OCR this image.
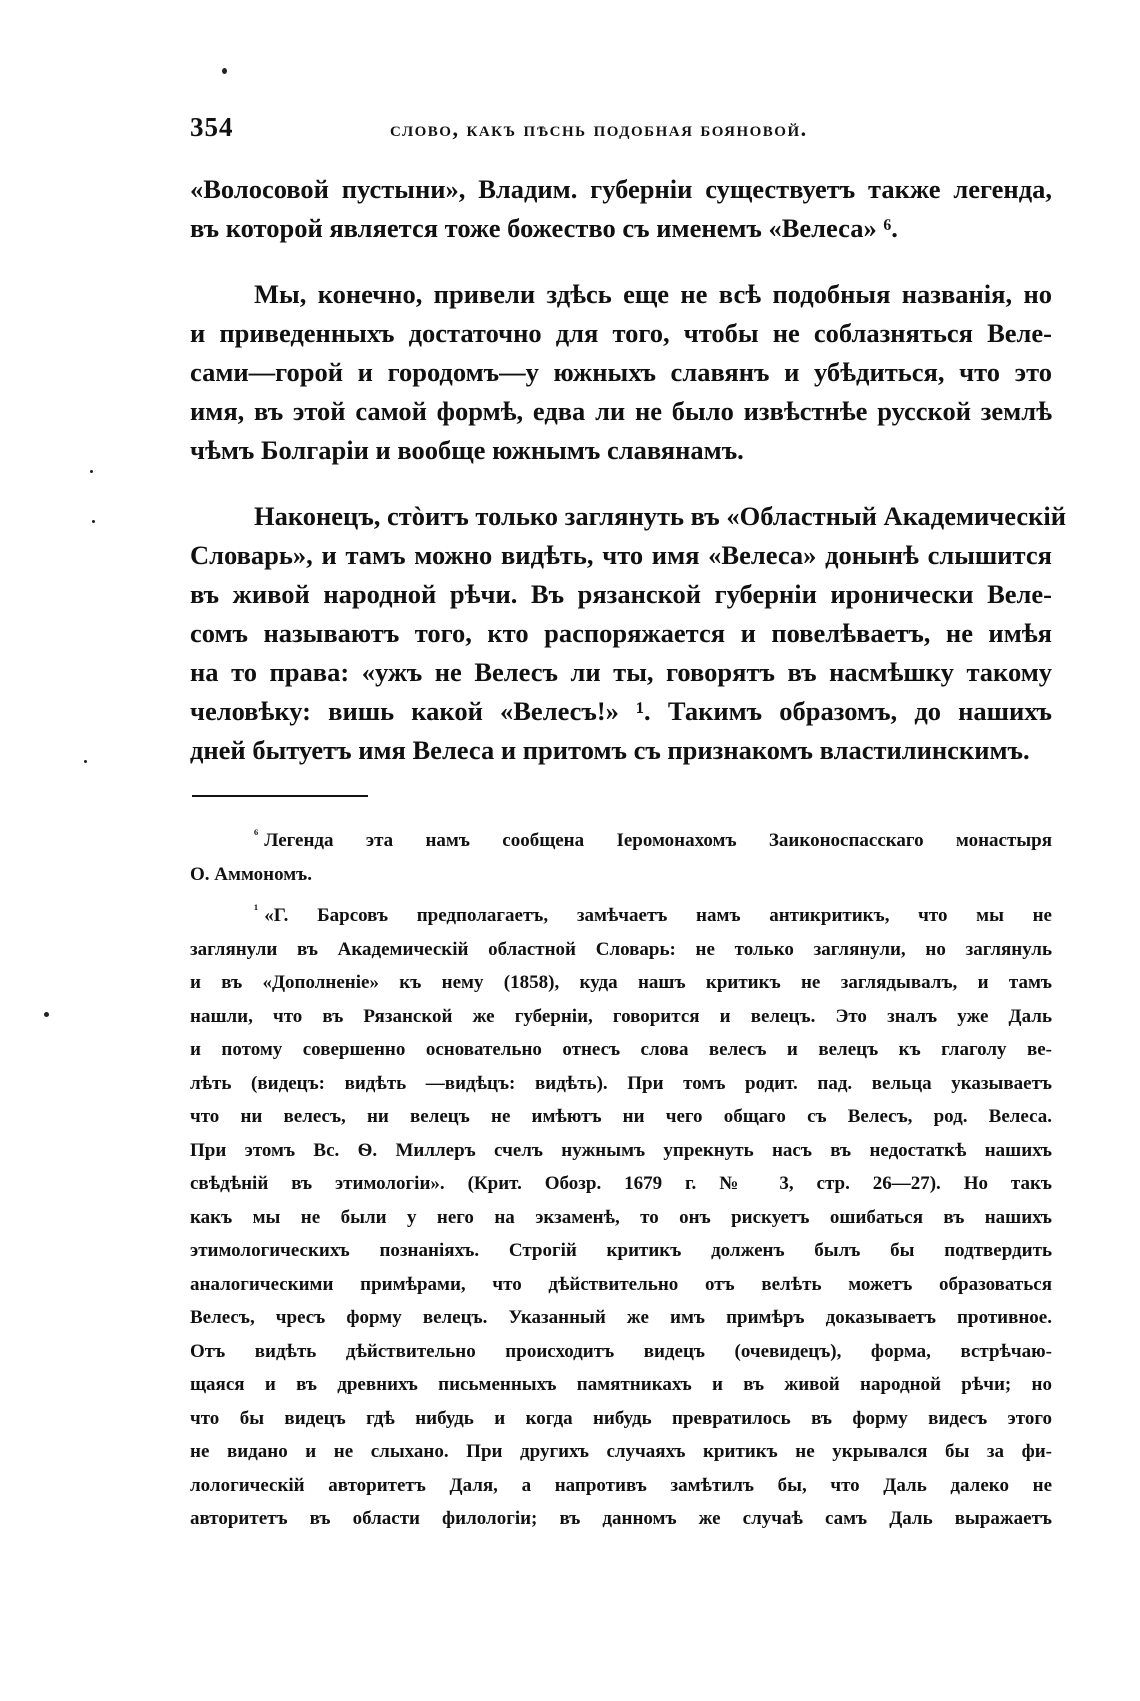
354	слово, какъ пѣснь подобная бояновой.
«Волосовой пустыни», Владим. губерніи существуетъ также легенда,
въ которой является тоже божество съ именемъ «Велеса» ⁶.
Мы, конечно, привели здѣсь еще не всѣ подобныя названія, но
и приведенныхъ достаточно для того, чтобы не соблазняться Веле-
сами—горой и городомъ—у южныхъ славянъ и убѣдиться, что это
имя, въ этой самой формѣ, едва ли не было извѣстнѣе русской землѣ
чѣмъ Болгаріи и вообще южнымъ славянамъ.
Наконецъ, стòитъ только заглянуть въ «Областный Академическій
Словарь», и тамъ можно видѣть, что имя «Велеса» донынѣ слышится
въ живой народной рѣчи. Въ рязанской губерніи иронически Веле-
сомъ называютъ того, кто распоряжается и повелѣваетъ, не имѣя
на то права: «ужъ не Велесъ ли ты, говорятъ въ насмѣшку такому
человѣку: вишь какой «Велесъ!» ¹. Такимъ образомъ, до нашихъ
дней бытуетъ имя Велеса и притомъ съ признакомъ властилинскимъ.
$^{^6}$ Легенда эта намъ сообщена Іеромонахомъ Заиконоспасскаго монастыря
О. Аммономъ.
$^{^1}$ «Г. Барсовъ предполагаетъ, замѣчаетъ намъ антикритикъ, что мы не
заглянули въ Академическій областной Словарь: не только заглянули, но заглянуль
и въ «Дополненіе» къ нему (1858), куда нашъ критикъ не заглядывалъ, и тамъ
нашли, что въ Рязанской же губерніи, говорится и велецъ. Это зналъ уже Даль
и потому совершенно основательно отнесъ слова велесъ и велецъ къ глаголу ве-
лѣть (видецъ: видѣть —видѣцъ: видѣть). При томъ родит. пад. вельца указываетъ
что ни велесъ, ни велецъ не имѣютъ ни чего общаго съ Велесъ, род. Велеса.
При этомъ Вс. Ѳ. Миллеръ счелъ нужнымъ упрекнуть насъ въ недостаткѣ нашихъ
свѣдѣній въ этимологіи». (Крит. Обозр. 1679 г. № 3, стр. 26—27). Но такъ
какъ мы не были у него на экзаменѣ, то онъ рискуетъ ошибаться въ нашихъ
этимологическихъ познаніяхъ. Строгій критикъ долженъ былъ бы подтвердить
аналогическими примѣрами, что дѣйствительно отъ велѣть можетъ образоваться
Велесъ, чресъ форму велецъ. Указанный же имъ примѣръ доказываетъ противное.
Отъ видѣть дѣйствительно происходитъ видецъ (очевидецъ), форма, встрѣчаю-
щаяся и въ древнихъ письменныхъ памятникахъ и въ живой народной рѣчи; но
что бы видецъ гдѣ нибудь и когда нибудь превратилось въ форму видесъ этого
не видано и не слыхано. При другихъ случаяхъ критикъ не укрывался бы за фи-
лологическій авторитетъ Даля, а напротивъ замѣтилъ бы, что Даль далеко не
авторитетъ въ области филологіи; въ данномъ же случаѣ самъ Даль выражаетъ
